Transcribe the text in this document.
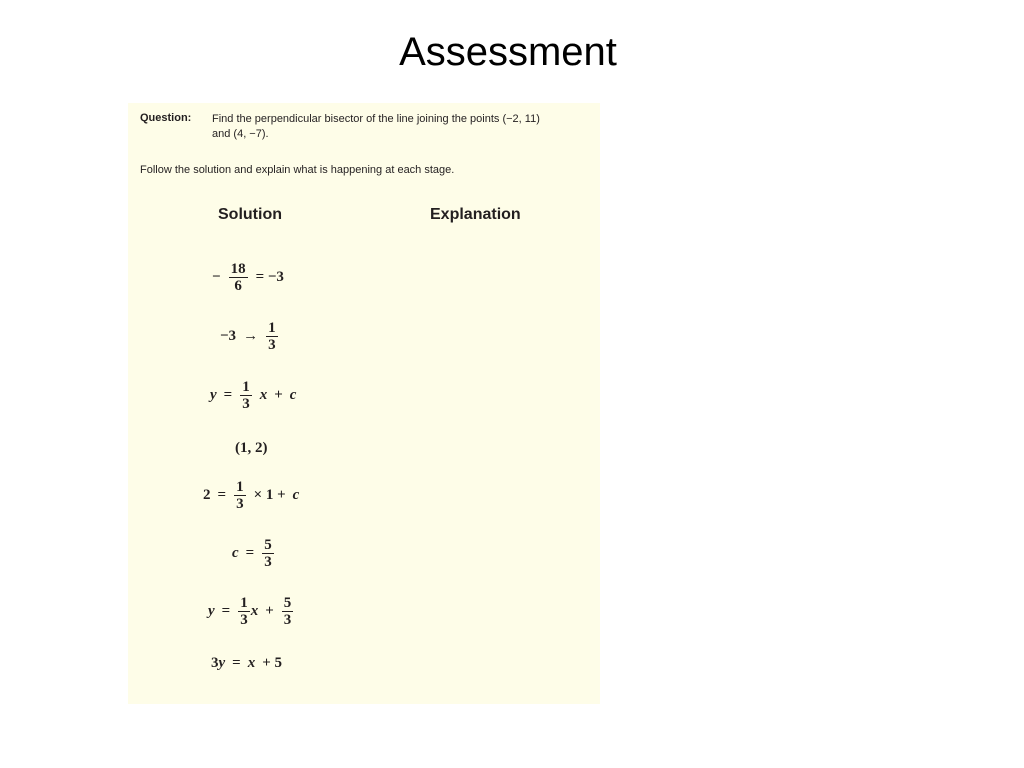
Assessment
Question: Find the perpendicular bisector of the line joining the points (−2, 11) and (4, −7).
Follow the solution and explain what is happening at each stage.
Solution	Explanation
− $\frac{18}{6} = -3$
$-3 \to \frac{1}{3}$
$y = \frac{1}{3}$ x + c
(1, 2)
$2 = \frac{1}{3} \times 1 + c$
$c = \frac{5}{3}$
$y = \frac{1}{3}$ $x + \frac{5}{3}$
3 y = x + 5
